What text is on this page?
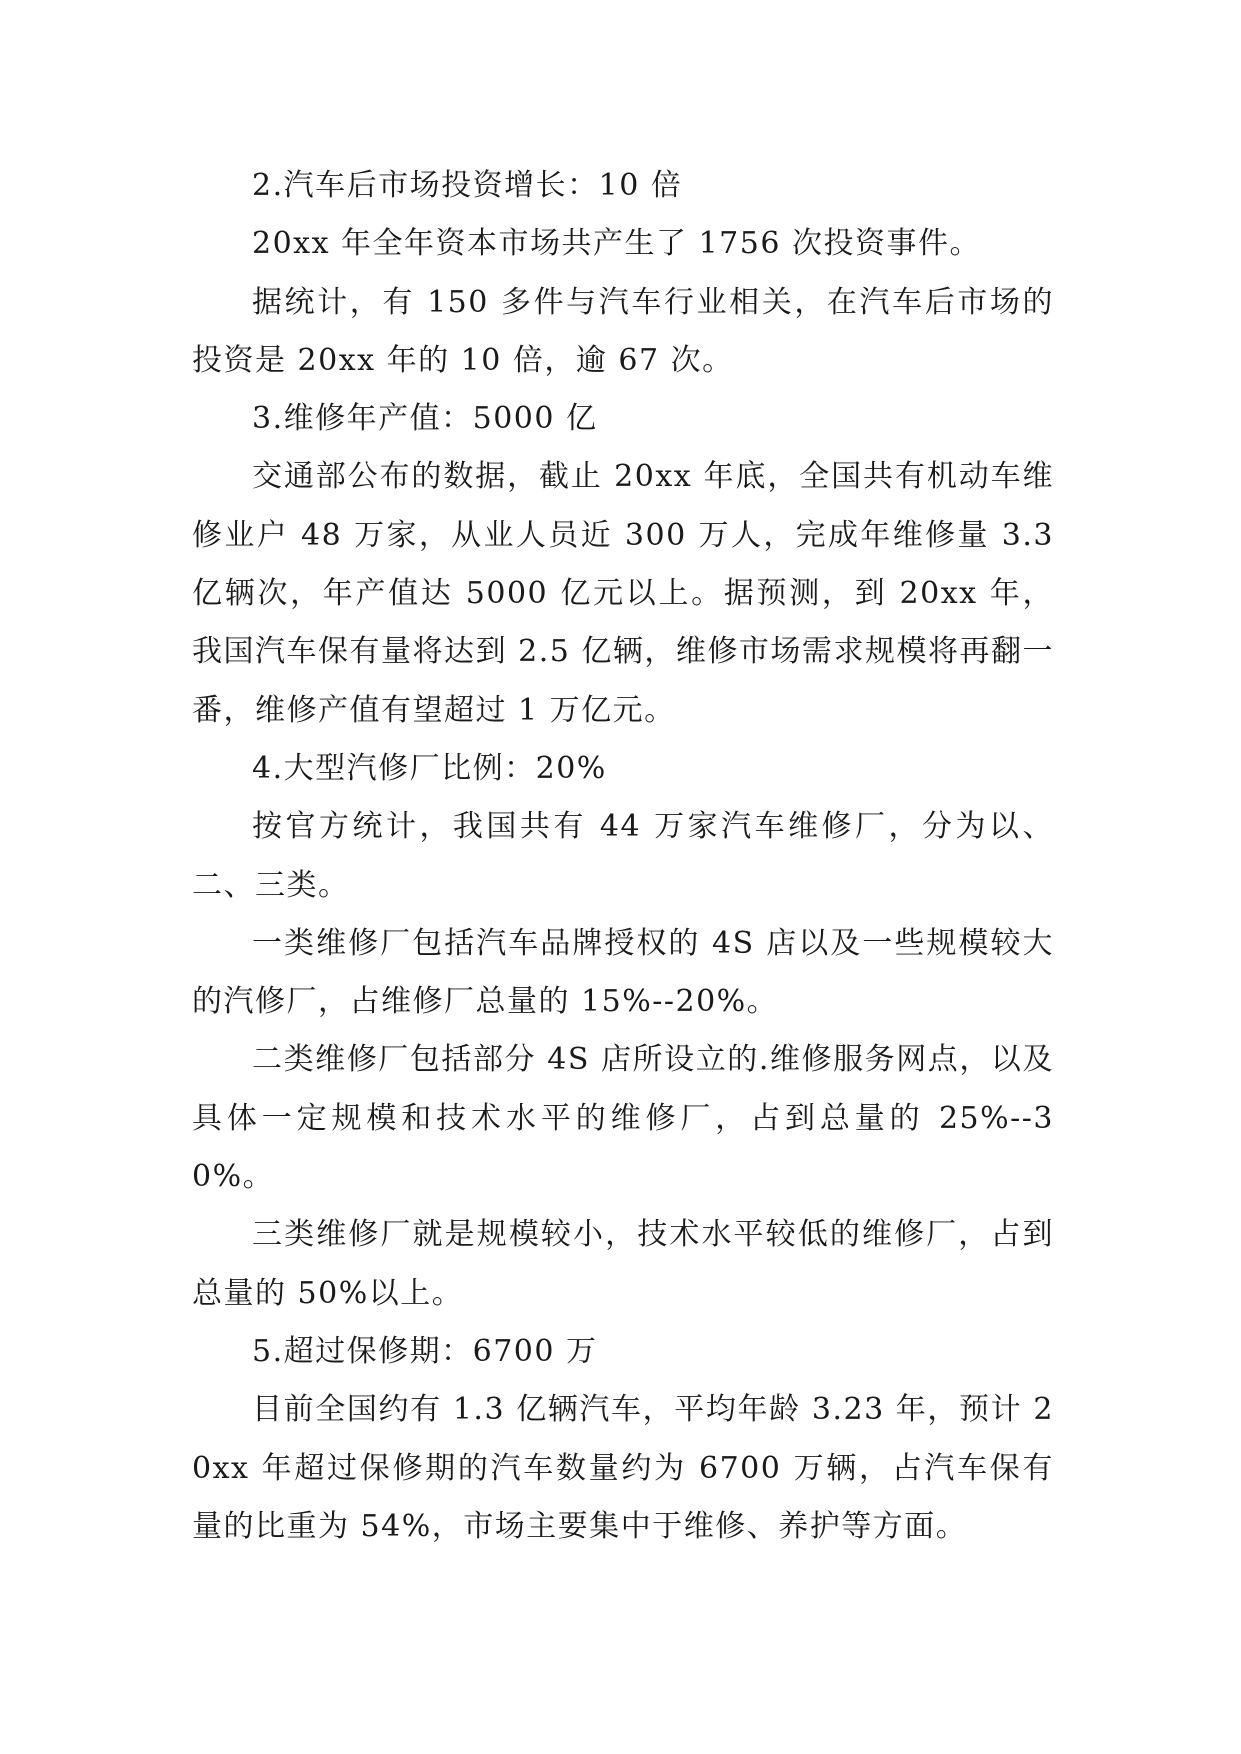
2.汽车后市场投资增长：10 倍

20xx 年全年资本市场共产生了 1756 次投资事件。

据统计，有 150 多件与汽车行业相关，在汽车后市场的投资是 20xx 年的 10 倍，逾 67 次。

3.维修年产值：5000 亿

交通部公布的数据，截止 20xx 年底，全国共有机动车维修业户 48 万家，从业人员近 300 万人，完成年维修量 3.3 亿辆次，年产值达 5000 亿元以上。据预测，到 20xx 年，我国汽车保有量将达到 2.5 亿辆，维修市场需求规模将再翻一番，维修产值有望超过 1 万亿元。

4.大型汽修厂比例：20%

按官方统计，我国共有 44 万家汽车维修厂，分为以、二、三类。

一类维修厂包括汽车品牌授权的 4S 店以及一些规模较大的汽修厂，占维修厂总量的 15%--20%。

二类维修厂包括部分 4S 店所设立的.维修服务网点，以及具体一定规模和技术水平的维修厂，占到总量的 25%--30%。

三类维修厂就是规模较小，技术水平较低的维修厂，占到总量的 50%以上。

5.超过保修期：6700 万

目前全国约有 1.3 亿辆汽车，平均年龄 3.23 年，预计 20xx 年超过保修期的汽车数量约为 6700 万辆，占汽车保有量的比重为 54%，市场主要集中于维修、养护等方面。
